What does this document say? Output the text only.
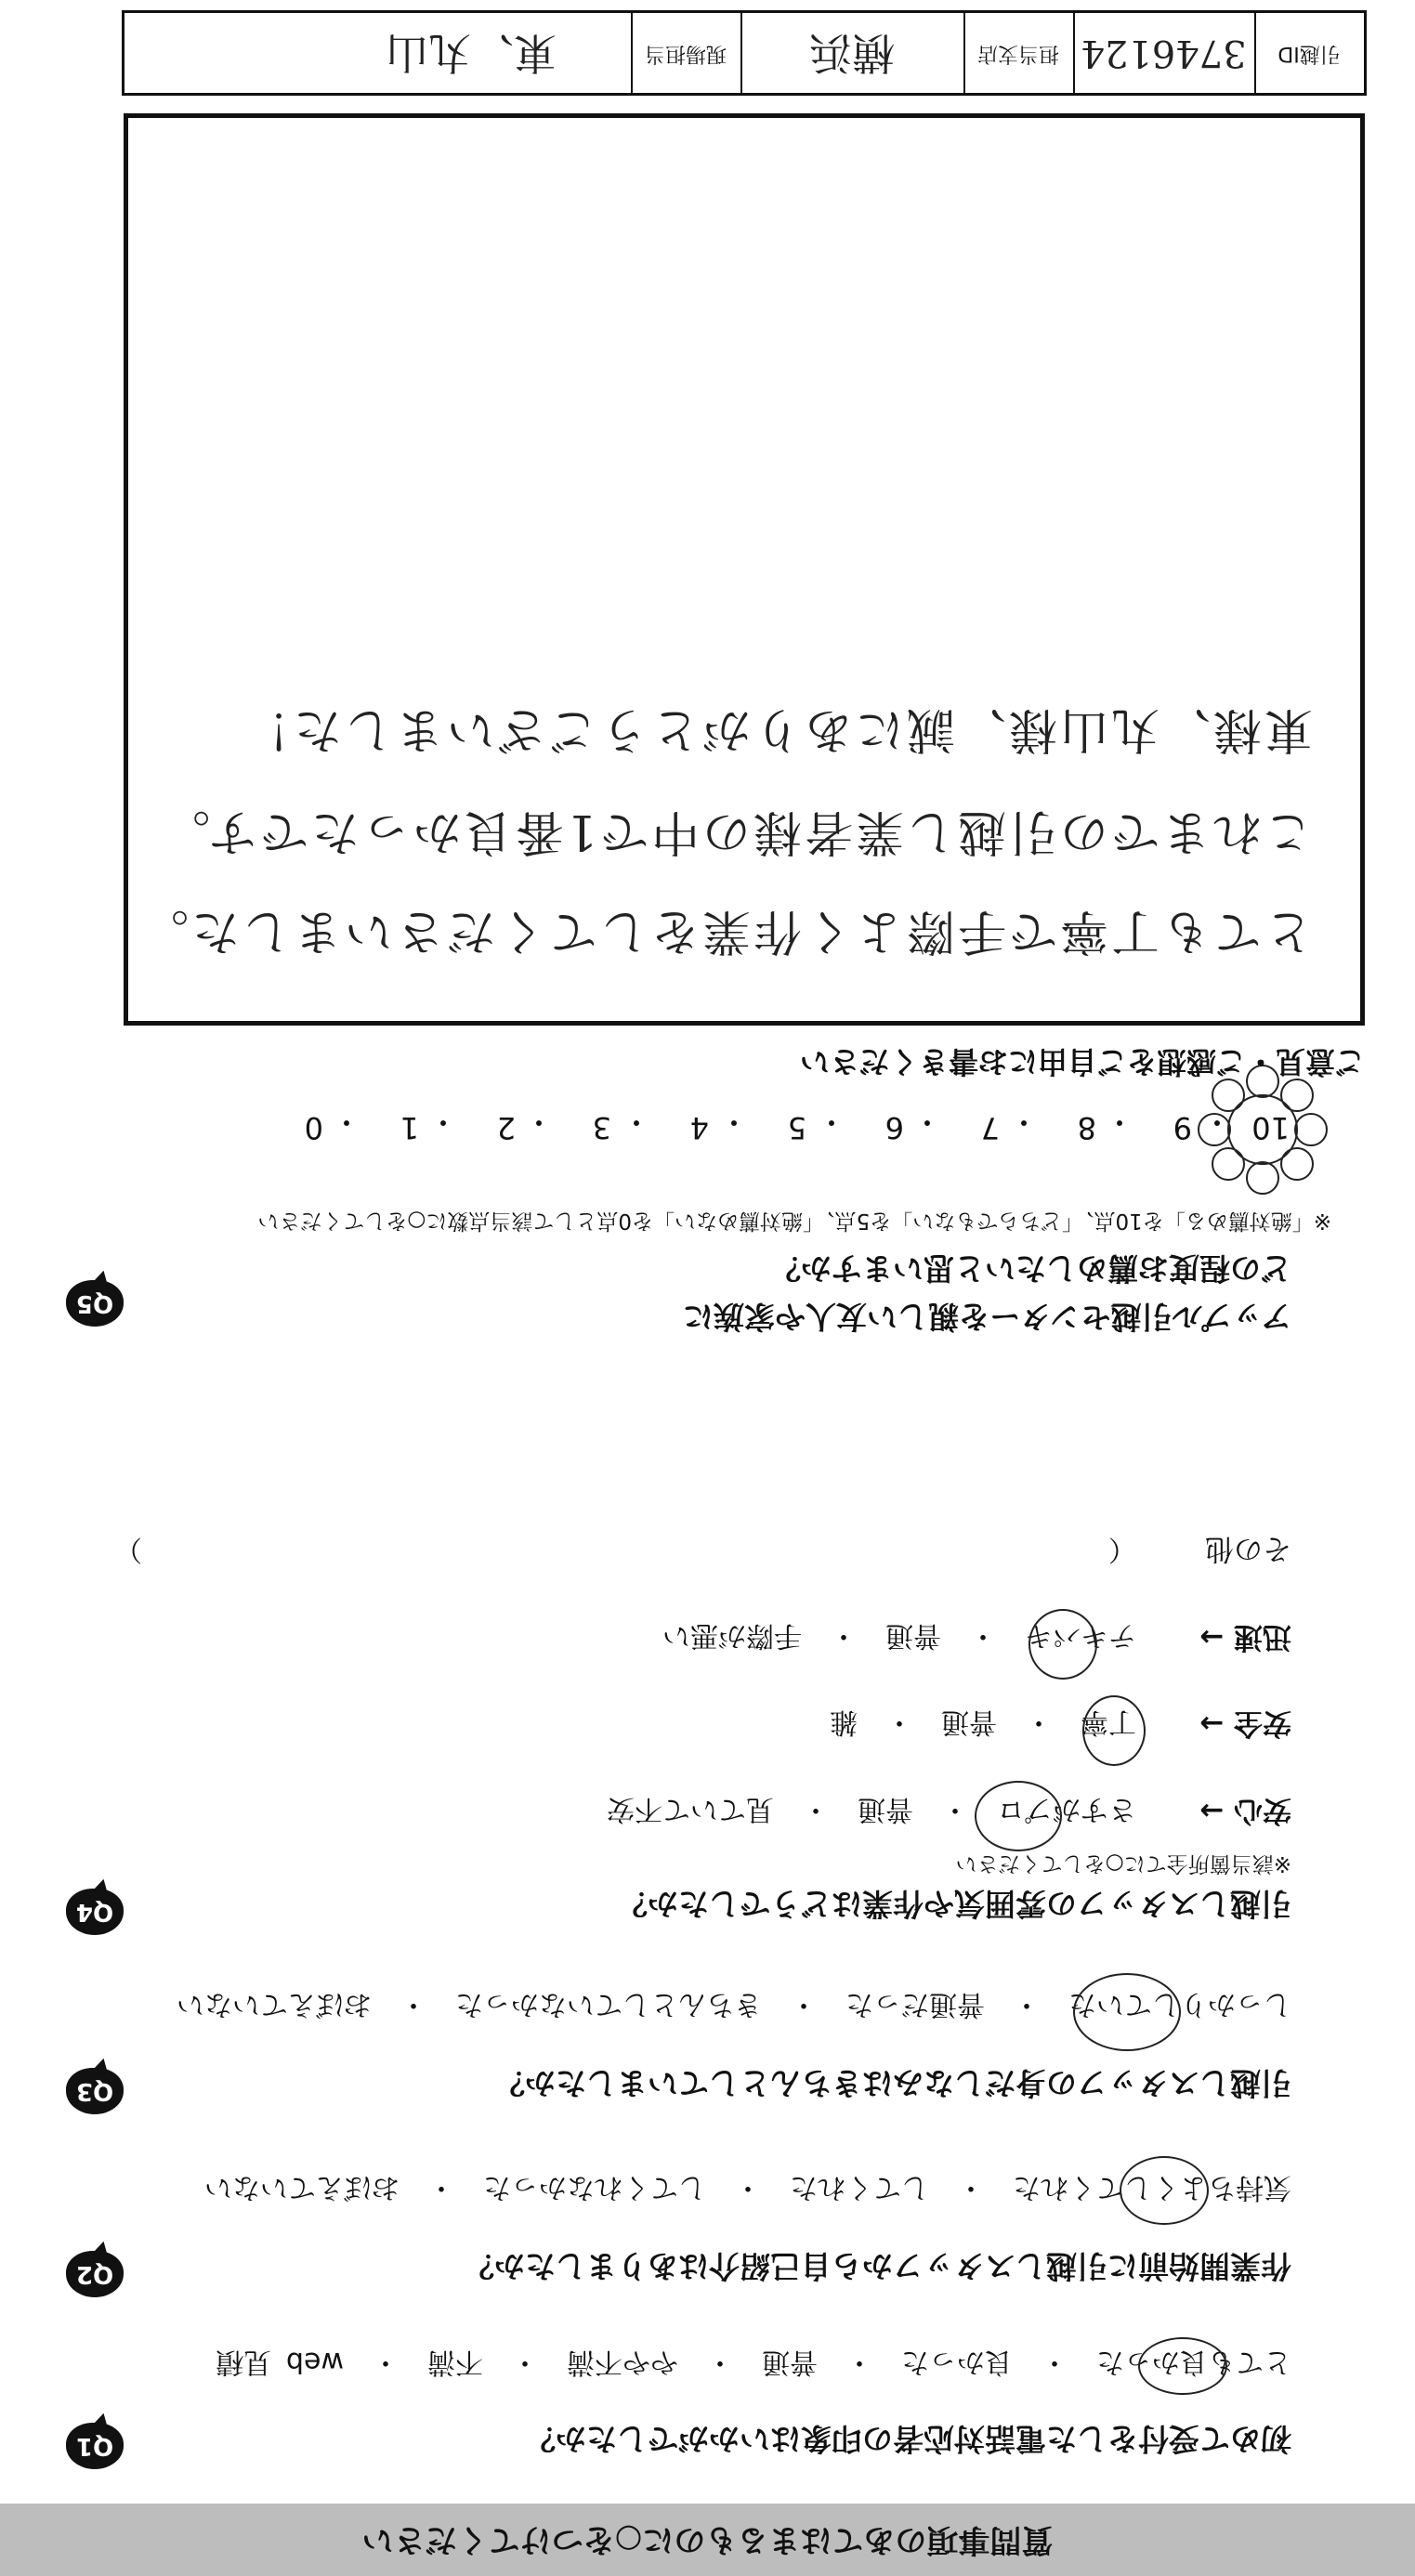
質問事項のあてはまるものに○をつけてください
Q1	初めて受付をした電話対応者の印象はいかがでしたか？
とても良かった　・　良かった　・　普通　・　やや不満　・　不満　・　web 見積
Q2	作業開始前に引越しスタッフから自己紹介はありましたか？
気持ちよくしてくれた　・　してくれた　・　してくれなかった　・　おぼえていない
Q3	引越しスタッフの身だしなみはきちんとしていましたか？
しっかりしていた　・　普通だった　・　きちんとしていなかった　・　おぼえていない
Q4	引越しスタッフの雰囲気や作業はどうでしたか？
※該当箇所全てに○をしてください
安心 →
さすがプロ　・　普通　・　見ていて不安
安全 →
丁寧　・　普通　・　雑
迅速 →
テキパキ　・　普通　・　手際が悪い
その他
（
）
Q5	アップル引越センターを親しい友人や家族に
どの程度お薦めしたいと思いますか？
※「絶対薦める」を10点、「どちらでもない」を5点、「絶対薦めない」を0点として該当点数に○をしてください
10
・
9
・
8
・
7
・
6
・
5
・
4
・
3
・
2
・
1
・
0
ご意見・ご感想をご自由にお書きください
とても丁寧で手際よく作業をしてくださいました。
これまでの引越し業者様の中で1番良かったです。
東様、丸山様、誠にありがとうございました！
引越ID
3746124
担当支店
横浜
現場担当
東、丸山
